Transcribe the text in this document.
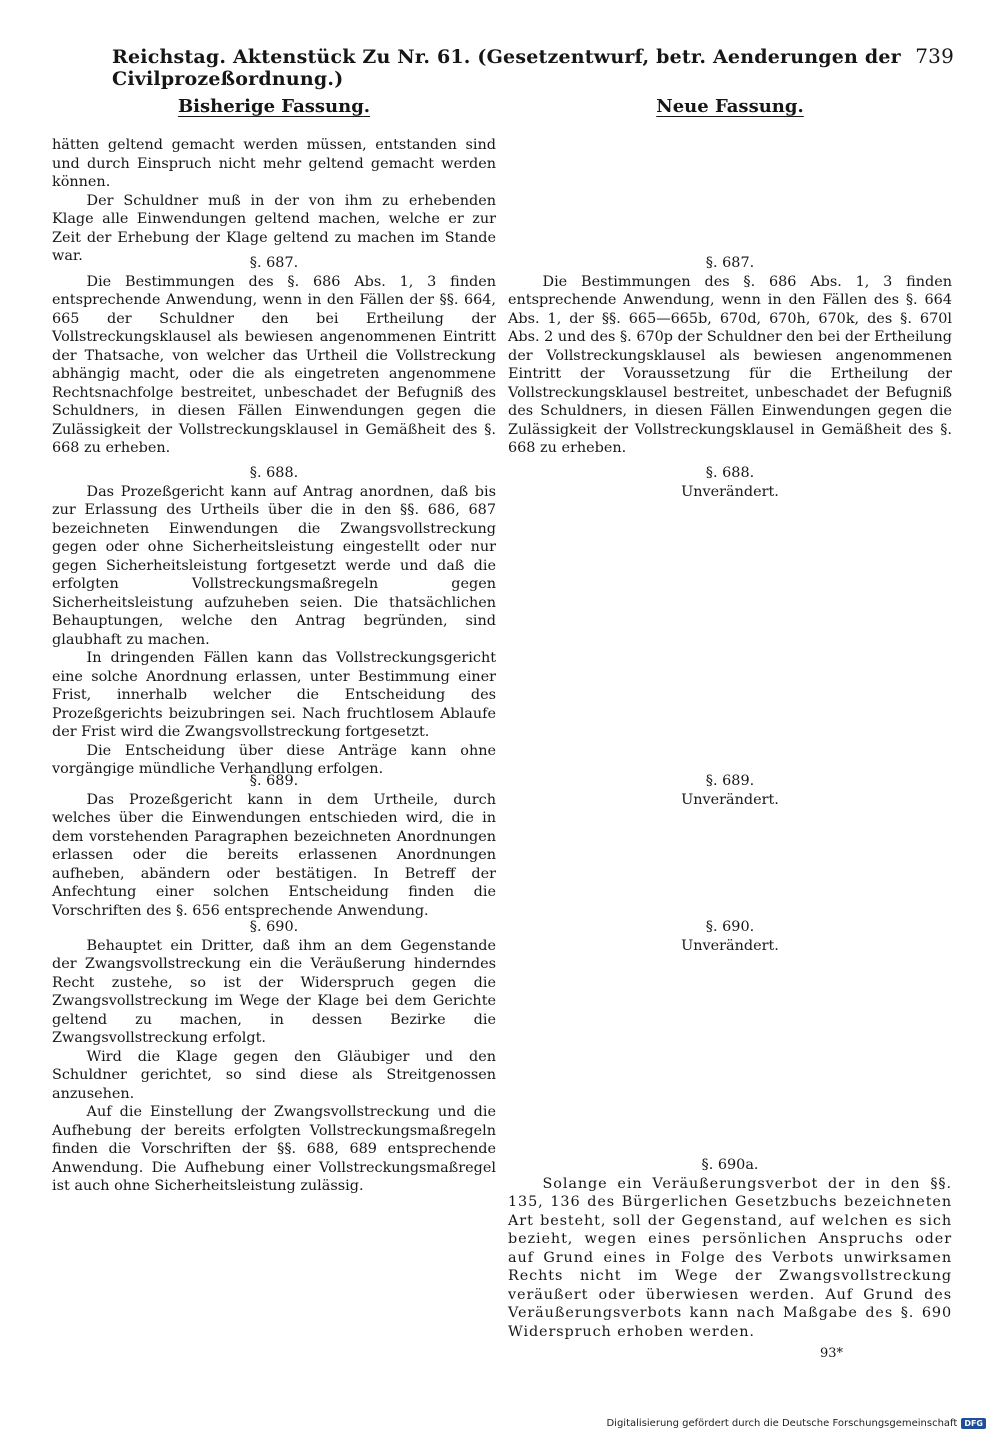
Reichstag. Aktenstück Zu Nr. 61. (Gesetzentwurf, betr. Aenderungen der Civilprozeßordnung.)
739
Bisherige Fassung.

hätten geltend gemacht werden müssen, entstanden sind und durch Einspruch nicht mehr geltend gemacht werden können.

Der Schuldner muß in der von ihm zu erhebenden Klage alle Einwendungen geltend machen, welche er zur Zeit der Erhebung der Klage geltend zu machen im Stande war.	§. 687.

Die Bestimmungen des §. 686 Abs. 1, 3 finden entsprechende Anwendung, wenn in den Fällen der §§. 664, 665 der Schuldner den bei Ertheilung der Vollstreckungsklausel als bewiesen angenommenen Eintritt der Thatsache, von welcher das Urtheil die Vollstreckung abhängig macht, oder die als eingetreten angenommene Rechtsnachfolge bestreitet, unbeschadet der Befugniß des Schuldners, in diesen Fällen Einwendungen gegen die Zulässigkeit der Vollstreckungsklausel in Gemäßheit des §. 668 zu erheben.

§. 688.

Das Prozeßgericht kann auf Antrag anordnen, daß bis zur Erlassung des Urtheils über die in den §§. 686, 687 bezeichneten Einwendungen die Zwangsvollstreckung gegen oder ohne Sicherheitsleistung eingestellt oder nur gegen Sicherheitsleistung fortgesetzt werde und daß die erfolgten Vollstreckungsmaßregeln gegen Sicherheitsleistung aufzuheben seien. Die thatsächlichen Behauptungen, welche den Antrag begründen, sind glaubhaft zu machen.

In dringenden Fällen kann das Vollstreckungsgericht eine solche Anordnung erlassen, unter Bestimmung einer Frist, innerhalb welcher die Entscheidung des Prozeßgerichts beizubringen sei. Nach fruchtlosem Ablaufe der Frist wird die Zwangsvollstreckung fortgesetzt.

Die Entscheidung über diese Anträge kann ohne vorgängige mündliche Verhandlung erfolgen.

§. 689.

Das Prozeßgericht kann in dem Urtheile, durch welches über die Einwendungen entschieden wird, die in dem vorstehenden Paragraphen bezeichneten Anordnungen erlassen oder die bereits erlassenen Anordnungen aufheben, abändern oder bestätigen. In Betreff der Anfechtung einer solchen Entscheidung finden die Vorschriften des §. 656 entsprechende Anwendung.

§. 690.

Behauptet ein Dritter, daß ihm an dem Gegenstande der Zwangsvollstreckung ein die Veräußerung hinderndes Recht zustehe, so ist der Widerspruch gegen die Zwangsvollstreckung im Wege der Klage bei dem Gerichte geltend zu machen, in dessen Bezirke die Zwangsvollstreckung erfolgt.

Wird die Klage gegen den Gläubiger und den Schuldner gerichtet, so sind diese als Streitgenossen anzusehen.

Auf die Einstellung der Zwangsvollstreckung und die Aufhebung der bereits erfolgten Vollstreckungsmaßregeln finden die Vorschriften der §§. 688, 689 entsprechende Anwendung. Die Aufhebung einer Vollstreckungsmaßregel ist auch ohne Sicherheitsleistung zulässig.

Neue Fassung.

§. 687.

Die Bestimmungen des §. 686 Abs. 1, 3 finden entsprechende Anwendung, wenn in den Fällen des §. 664 Abs. 1, der §§. 665—665b, 670d, 670h, 670k, des §. 670l Abs. 2 und des §. 670p der Schuldner den bei der Ertheilung der Vollstreckungsklausel als bewiesen angenommenen Eintritt der Voraussetzung für die Ertheilung der Vollstreckungsklausel bestreitet, unbeschadet der Befugniß des Schuldners, in diesen Fällen Einwendungen gegen die Zulässigkeit der Vollstreckungsklausel in Gemäßheit des §. 668 zu erheben.

§. 688.

Unverändert.

§. 689.

Unverändert.

§. 690.

Unverändert.

§. 690a.

Solange ein Veräußerungsverbot der in den §§. 135, 136 des Bürgerlichen Gesetzbuchs bezeichneten Art besteht, soll der Gegenstand, auf welchen es sich bezieht, wegen eines persönlichen Anspruchs oder auf Grund eines in Folge des Verbots unwirksamen Rechts nicht im Wege der Zwangsvollstreckung veräußert oder überwiesen werden. Auf Grund des Veräußerungsverbots kann nach Maßgabe des §. 690 Widerspruch erhoben werden.

93*
Digitalisierung gefördert durch die Deutsche Forschungsgemeinschaft DFG
